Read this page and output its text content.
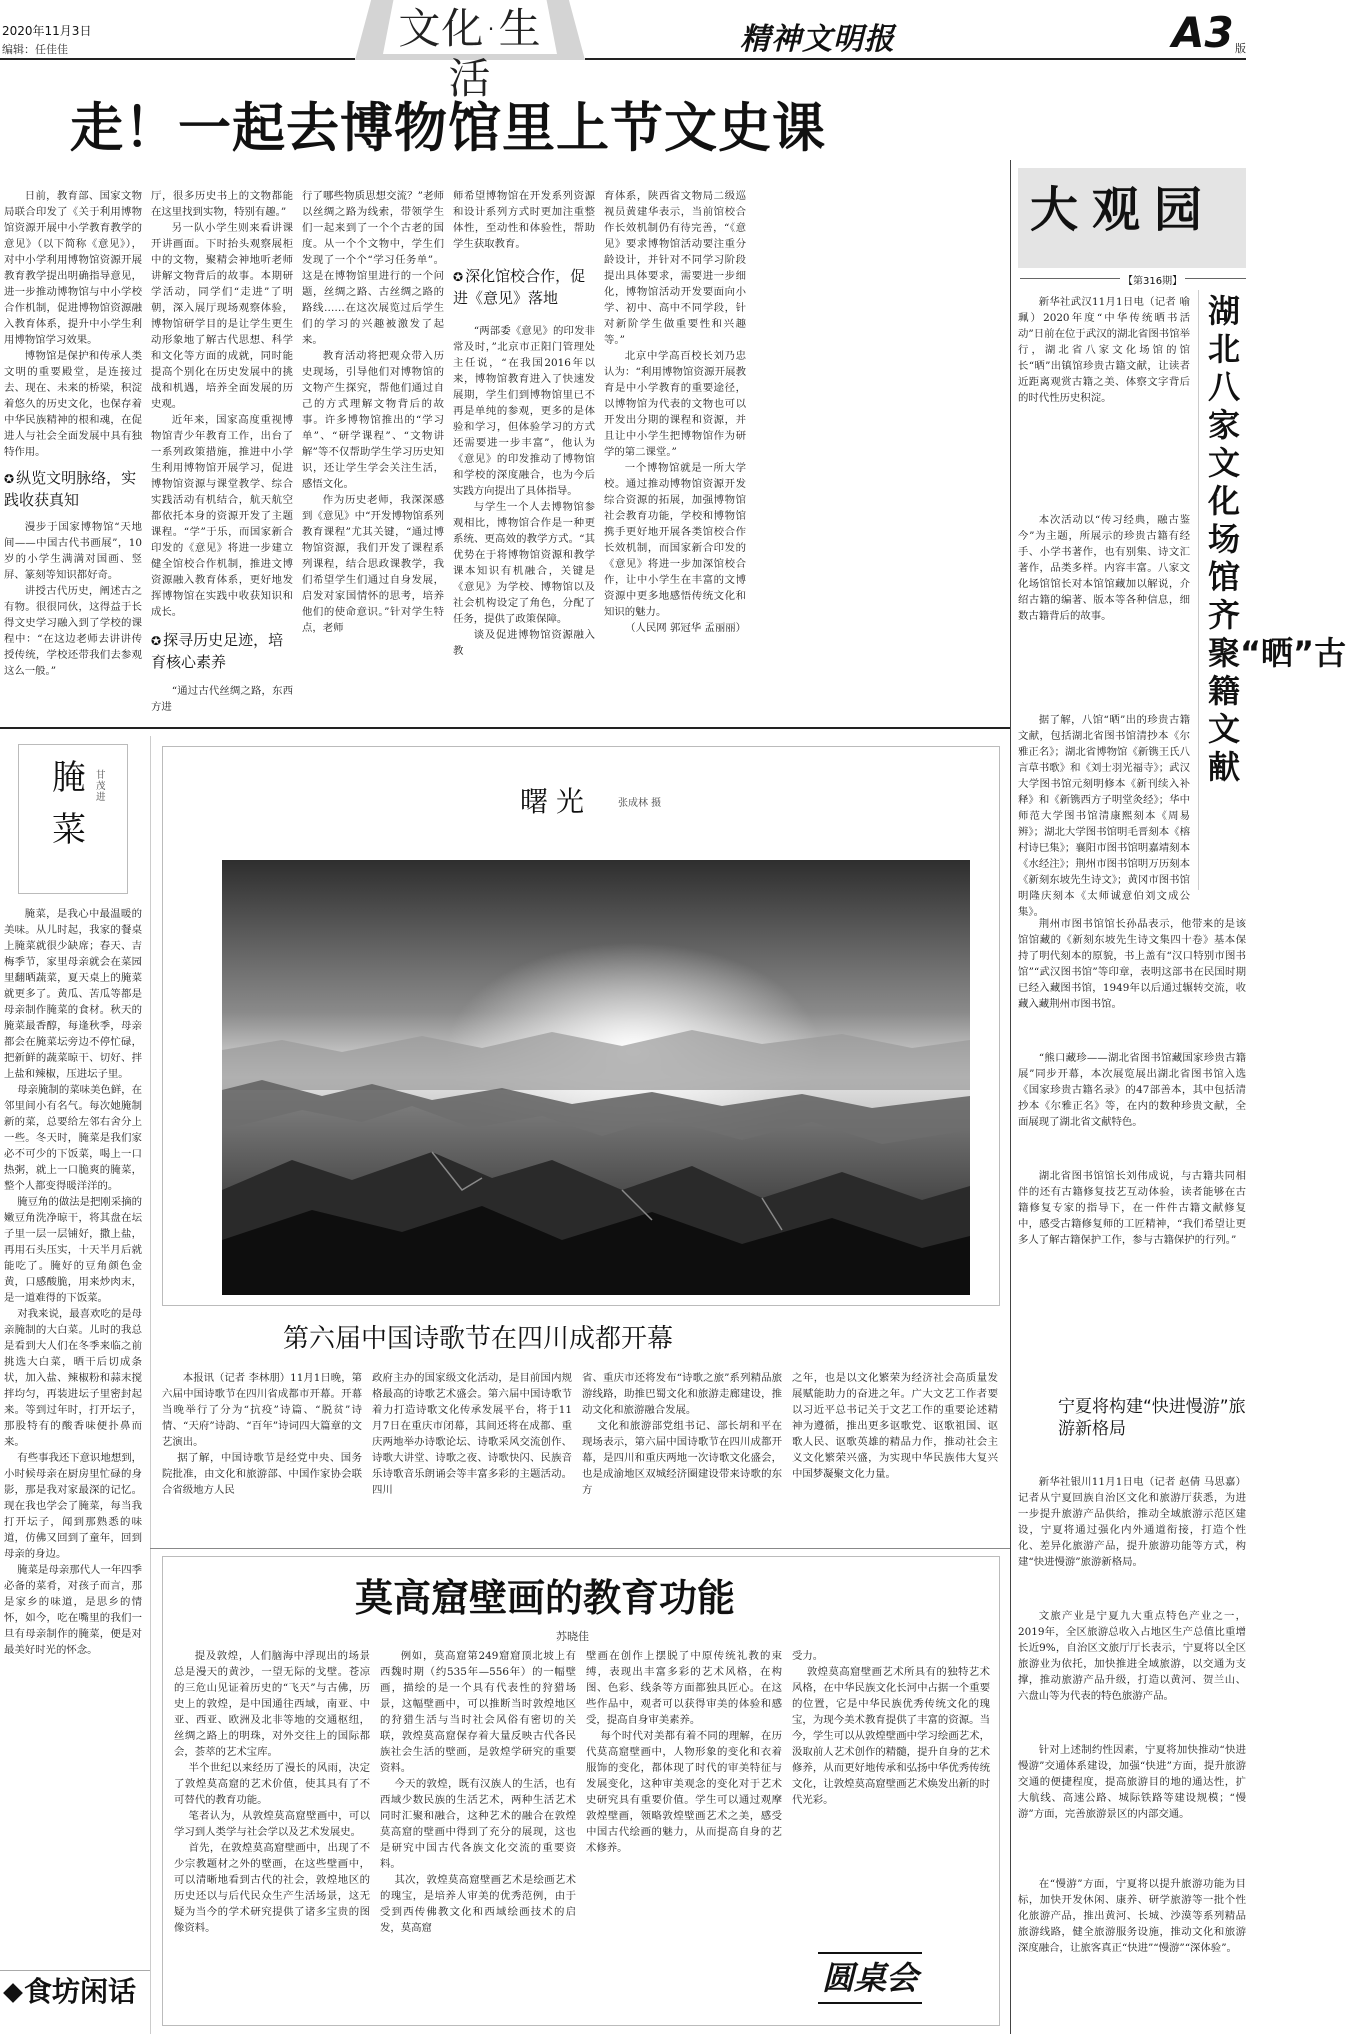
2020年11月3日
编辑：任佳佳	文化·生活
精神文明报	A3 版
走！一起去博物馆里上节文史课
日前，教育部、国家文物局联合印发了《关于利用博物馆资源开展中小学教育教学的意见》（以下简称《意见》），对中小学利用博物馆资源开展教育教学提出明确指导意见，进一步推动博物馆与中小学校合作机制，促进博物馆资源融入教育体系，提升中小学生利用博物馆学习效果。
博物馆是保护和传承人类文明的重要殿堂，是连接过去、现在、未来的桥梁，积淀着悠久的历史文化，也保存着中华民族精神的根和魂，在促进人与社会全面发展中具有独特作用。
✪ 纵览文明脉络，实践收获真知
漫步于国家博物馆“天地间——中国古代书画展”，10岁的小学生满满对国画、竖屏、篆刻等知识都好奇。
讲授古代历史，阐述古之有物。很很同伙，这得益于长得文史学习融入到了学校的课程中：“在这边老师去讲讲传授传统，学校还带我们去参观这么一般。”
厅，很多历史书上的文物都能在这里找到实物，特别有趣。”
另一队小学生则来看讲课开讲画面。下时抬头观察展柜中的文物，聚精会神地听老师讲解文物背后的故事。本期研学活动，同学们“走进”了明朝，深入展厅现场观察体验，博物馆研学目的是让学生更生动形象地了解古代思想、科学和文化等方面的成就，同时能提高个别化在历史发展中的挑战和机遇，培养全面发展的历史观。
近年来，国家高度重视博物馆青少年教育工作，出台了一系列政策措施，推进中小学生利用博物馆开展学习，促进博物馆资源与课堂教学、综合实践活动有机结合，航天航空都依托本身的资源开发了主题课程。“学”于乐，而国家新合印发的《意见》将进一步建立健全馆校合作机制，推进文博资源融入教育体系，更好地发挥博物馆在实践中收获知识和成长。
✪ 探寻历史足迹，培育核心素养
“通过古代丝绸之路，东西方进
行了哪些物质思想交流？”老师以丝绸之路为线索，带领学生们一起来到了一个个古老的国度。从一个个文物中，学生们发现了一个个“学习任务单”。这是在博物馆里进行的一个问题，丝绸之路、古丝绸之路的路线……在这次展览过后学生们的学习的兴趣被激发了起来。
教育活动将把观众带入历史现场，引导他们对博物馆的文物产生探究，帮他们通过自己的方式理解文物背后的故事。许多博物馆推出的“学习单”、“研学课程”、“文物讲解”等不仅帮助学生学习历史知识，还让学生学会关注生活，感悟文化。
作为历史老师，我深深感到《意见》中“开发博物馆系列教育课程”尤其关键，“通过博物馆资源，我们开发了课程系列课程，结合思政课教学，我们希望学生们通过自身发展，启发对家国情怀的思考，培养他们的使命意识。”针对学生特点，老师
师希望博物馆在开发系列资源和设计系列方式时更加注重整体性，至动性和体验性，帮助学生获取教育。
✪ 深化馆校合作，促进《意见》落地
“两部委《意见》的印发非常及时，”北京市正阳门管理处主任说，“在我国2016年以来，博物馆教育进入了快速发展期，学生们到博物馆里已不再是单纯的参观，更多的是体验和学习，但体验学习的方式还需要进一步丰富”，他认为《意见》的印发推动了博物馆和学校的深度融合，也为今后实践方向提出了具体指导。
与学生一个人去博物馆参观相比，博物馆合作是一种更系统、更高效的教学方式。“其优势在于将博物馆资源和教学课本知识有机融合，关键是《意见》为学校、博物馆以及社会机构设定了角色，分配了任务，提供了政策保障。
谈及促进博物馆资源融入教
育体系，陕西省文物局二级巡视员黄建华表示，当前馆校合作长效机制仍有待完善，“《意见》要求博物馆活动要注重分龄设计，并针对不同学习阶段提出具体要求，需要进一步细化，博物馆活动开发要面向小学、初中、高中不同学段，针对新阶学生做重要性和兴趣等。”
北京中学高百校长刘乃忠认为：“利用博物馆资源开展教育是中小学教育的重要途径，以博物馆为代表的文物也可以开发出分期的课程和资源，并且让中小学生把博物馆作为研学的第二课堂。”
一个博物馆就是一所大学校。通过推动博物馆资源开发综合资源的拓展，加强博物馆社会教育功能，学校和博物馆携手更好地开展各类馆校合作长效机制，而国家新合印发的《意见》将进一步加深馆校合作，让中小学生在丰富的文博资源中更多地感悟传统文化和知识的魅力。
（人民网 郭冠华 孟丽丽）
腌菜
甘茂进
腌菜，是我心中最温暖的美味。从儿时起，我家的餐桌上腌菜就很少缺席；春天、吉梅季节，家里母亲就会在菜园里翻晒蔬菜，夏天桌上的腌菜就更多了。黄瓜、苦瓜等都是母亲制作腌菜的食材。秋天的腌菜最香醇，每逢秋季，母亲都会在腌菜坛旁边不停忙碌，把新鲜的蔬菜晾干、切好、拌上盐和辣椒，压进坛子里。
母亲腌制的菜味美色鲜，在邻里间小有名气。每次她腌制新的菜，总要给左邻右舍分上一些。冬天时，腌菜是我们家必不可少的下饭菜，喝上一口热粥，就上一口脆爽的腌菜，整个人都变得暖洋洋的。
腌豆角的做法是把刚采摘的嫩豆角洗净晾干，将其盘在坛子里一层一层铺好，撒上盐，再用石头压实，十天半月后就能吃了。腌好的豆角颜色金黄，口感酸脆，用来炒肉末，是一道难得的下饭菜。
对我来说，最喜欢吃的是母亲腌制的大白菜。儿时的我总是看到大人们在冬季来临之前挑选大白菜，晒干后切成条状，加入盐、辣椒粉和蒜末搅拌均匀，再装进坛子里密封起来。等到过年时，打开坛子，那股特有的酸香味便扑鼻而来。
有些事我还下意识地想到，小时候母亲在厨房里忙碌的身影，那是我对家最深的记忆。现在我也学会了腌菜，每当我打开坛子，闻到那熟悉的味道，仿佛又回到了童年，回到母亲的身边。
腌菜是母亲那代人一年四季必备的菜肴，对孩子而言，那是家乡的味道，是思乡的情怀，如今，吃在嘴里的我们一旦有母亲制作的腌菜，便是对最美好时光的怀念。
食坊闲话
曙光	张成林 摄
第六届中国诗歌节在四川成都开幕
本报讯（记者 李林朋）11月1日晚，第六届中国诗歌节在四川省成都市开幕。开幕当晚举行了分为“抗疫”诗篇、“脱贫”诗情、“天府”诗韵、“百年”诗词四大篇章的文艺演出。
据了解，中国诗歌节是经党中央、国务院批准，由文化和旅游部、中国作家协会联合省级地方人民
政府主办的国家级文化活动，是目前国内规格最高的诗歌艺术盛会。第六届中国诗歌节着力打造诗歌文化传承发展平台，将于11月7日在重庆市闭幕，其间还将在成都、重庆两地举办诗歌论坛、诗歌采风交流创作、诗歌大讲堂、诗歌之夜、诗歌快闪、民族音乐诗歌音乐朗诵会等丰富多彩的主题活动。四川
省、重庆市还将发布“诗歌之旅”系列精品旅游线路，助推巴蜀文化和旅游走廊建设，推动文化和旅游融合发展。
文化和旅游部党组书记、部长胡和平在现场表示，第六届中国诗歌节在四川成都开幕，是四川和重庆两地一次诗歌文化盛会，也是成渝地区双城经济圈建设带来诗歌的东方
之年，也是以文化繁荣为经济社会高质量发展赋能助力的奋进之年。广大文艺工作者要以习近平总书记关于文艺工作的重要论述精神为遵循，推出更多讴歌党、讴歌祖国、讴歌人民、讴歌英雄的精品力作，推动社会主义文化繁荣兴盛，为实现中华民族伟大复兴中国梦凝聚文化力量。
莫高窟壁画的教育功能
苏晓佳
提及敦煌，人们脑海中浮现出的场景总是漫天的黄沙，一望无际的戈壁。苍凉的三危山见证着历史的“飞天”与古佛，历史上的敦煌，是中国通往西域，南亚、中亚、西亚、欧洲及北非等地的交通枢纽，丝绸之路上的明珠，对外交往上的国际都会，荟萃的艺术宝库。
半个世纪以来经历了漫长的风雨，决定了敦煌莫高窟的艺术价值，使其具有了不可替代的教育功能。
笔者认为，从敦煌莫高窟壁画中，可以学习到人类学与社会学以及艺术发展史。
首先，在敦煌莫高窟壁画中，出现了不少宗教题材之外的壁画，在这些壁画中，可以清晰地看到古代的社会，敦煌地区的历史还以与后代民众生产生活场景，这无疑为当今的学术研究提供了诸多宝贵的图像资料。
例如，莫高窟第249窟窟顶北坡上有西魏时期（约535年—556年）的一幅壁画，描绘的是一个具有代表性的狩猎场景，这幅壁画中，可以推断当时敦煌地区的狩猎生活与当时社会风俗有密切的关联，敦煌莫高窟保存着大量反映古代各民族社会生活的壁画，是敦煌学研究的重要资料。
今天的敦煌，既有汉族人的生活，也有西域少数民族的生活艺术，两种生活艺术同时汇聚和融合，这种艺术的融合在敦煌莫高窟的壁画中得到了充分的展现，这也是研究中国古代各族文化交流的重要资料。
其次，敦煌莫高窟壁画艺术是绘画艺术的瑰宝，是培养人审美的优秀范例，由于受到西传佛教文化和西域绘画技术的启发，莫高窟
壁画在创作上摆脱了中原传统礼教的束缚，表现出丰富多彩的艺术风格，在构图、色彩、线条等方面都独具匠心。在这些作品中，观者可以获得审美的体验和感受，提高自身审美素养。
每个时代对美都有着不同的理解，在历代莫高窟壁画中，人物形象的变化和衣着服饰的变化，都体现了时代的审美特征与发展变化，这种审美观念的变化对于艺术史研究具有重要价值。学生可以通过观摩敦煌壁画，领略敦煌壁画艺术之美，感受中国古代绘画的魅力，从而提高自身的艺术修养。
受力。
敦煌莫高窟壁画艺术所具有的独特艺术风格，在中华民族文化长河中占据一个重要的位置，它是中华民族优秀传统文化的瑰宝，为现今美术教育提供了丰富的资源。当今，学生可以从敦煌壁画中学习绘画艺术，汲取前人艺术创作的精髓，提升自身的艺术修养，从而更好地传承和弘扬中华优秀传统文化，让敦煌莫高窟壁画艺术焕发出新的时代光彩。
圆桌会
大观园
【第316期】
新华社武汉11月1日电（记者 喻珮）2020年度“中华传统晒书活动”日前在位于武汉的湖北省图书馆举行，湖北省八家文化场馆的馆长“晒”出镇馆珍贵古籍文献，让读者近距离观赏古籍之美、体察文字背后的时代性历史积淀。
湖北八家文化场馆齐聚“晒”古籍文献
本次活动以“传习经典，融古鉴今”为主题，所展示的珍贵古籍有经手、小学书著作，也有别集、诗文汇著作，品类多样。内容丰富。八家文化场馆馆长对本馆馆藏加以解说，介绍古籍的编著、版本等各种信息，细数古籍背后的故事。
据了解，八馆“晒”出的珍贵古籍文献，包括湖北省图书馆清抄本《尔雅正名》；湖北省博物馆《新镌王氏八言草书歌》和《刘士羽光福寺》；武汉大学图书馆元刻明修本《新刊续入补释》和《新镌西方子明堂灸经》；华中师范大学图书馆清康熙刻本《周易辨》；湖北大学图书馆明毛晋刻本《榕村诗巳集》；襄阳市图书馆明嘉靖刻本《水经注》；荆州市图书馆明万历刻本《新刻东坡先生诗文》；黄冈市图书馆明隆庆刻本《太师诚意伯刘文成公集》。
荆州市图书馆馆长孙晶表示，他带来的是该馆馆藏的《新刻东坡先生诗文集四十卷》基本保持了明代刻本的原貌，书上盖有“汉口特别市图书馆”“武汉图书馆”等印章，表明这部书在民国时期已经入藏图书馆，1949年以后通过辗转交流，收藏入藏荆州市图书馆。
“熊口藏珍——湖北省图书馆藏国家珍贵古籍展”同步开幕，本次展览展出湖北省图书馆入选《国家珍贵古籍名录》的47部善本，其中包括清抄本《尔雅正名》等，在内的数种珍贵文献，全面展现了湖北省文献特色。
湖北省图书馆馆长刘伟成说，与古籍共同相伴的还有古籍修复技艺互动体验，读者能够在古籍修复专家的指导下，在一件件古籍文献修复中，感受古籍修复师的工匠精神，“我们希望让更多人了解古籍保护工作，参与古籍保护的行列。”
宁夏将构建“快进慢游”旅游新格局
新华社银川11月1日电（记者 赵倩 马思嘉）记者从宁夏回族自治区文化和旅游厅获悉，为进一步提升旅游产品供给，推动全域旅游示范区建设，宁夏将通过强化内外通道衔接，打造个性化、差异化旅游产品，提升旅游功能等方式，构建“快进慢游”旅游新格局。
文旅产业是宁夏九大重点特色产业之一，2019年，全区旅游总收入占地区生产总值比重增长近9%，自治区文旅厅厅长表示，宁夏将以全区旅游业为依托，加快推进全域旅游，以交通为支撑，推动旅游产品升级，打造以黄河、贺兰山、六盘山等为代表的特色旅游产品。
针对上述制约性因素，宁夏将加快推动“快进慢游”交通体系建设，加强“快进”方面，提升旅游交通的便捷程度，提高旅游目的地的通达性，扩大航线、高速公路、城际铁路等建设规模；“慢游”方面，完善旅游景区的内部交通。
在“慢游”方面，宁夏将以提升旅游功能为目标，加快开发休闲、康养、研学旅游等一批个性化旅游产品，推出黄河、长城、沙漠等系列精品旅游线路，健全旅游服务设施，推动文化和旅游深度融合，让旅客真正“快进”“慢游”“深体验”。
